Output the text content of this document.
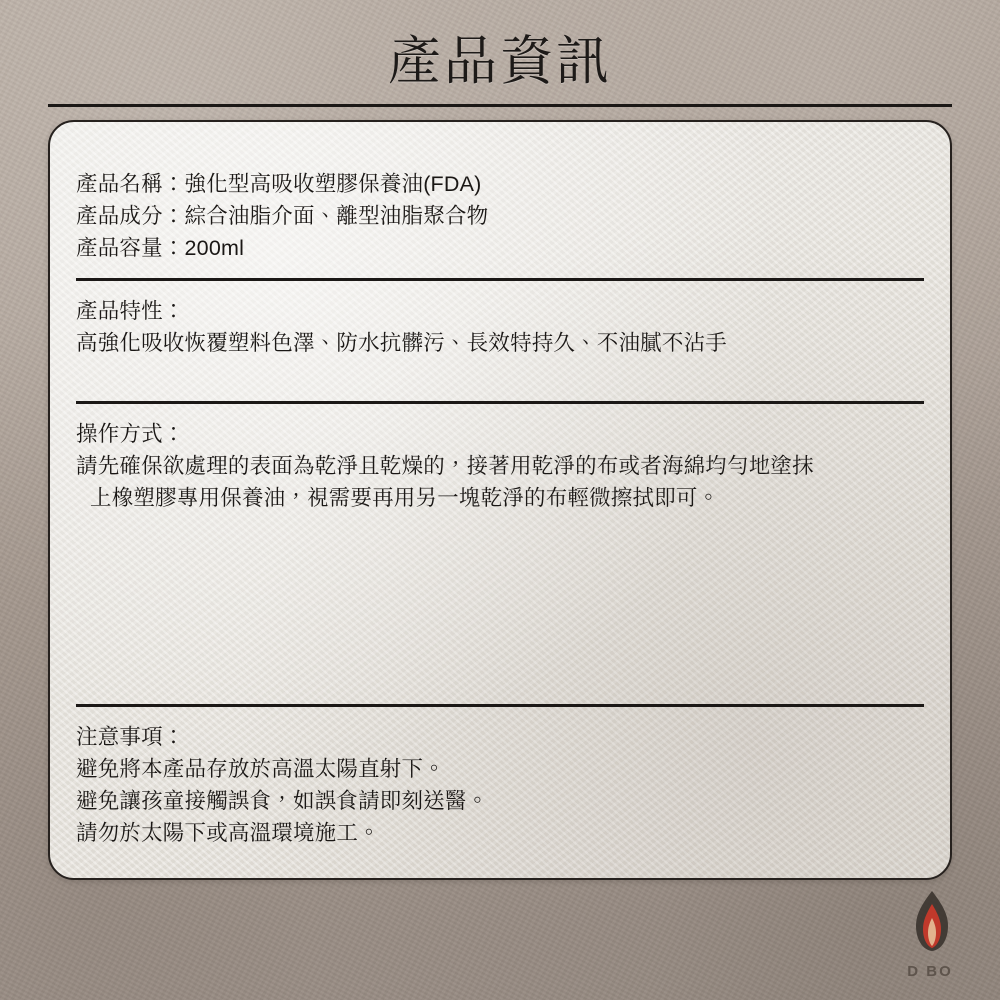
產品資訊
產品名稱：強化型高吸收塑膠保養油(FDA)
產品成分：綜合油脂介面、離型油脂聚合物
產品容量：200ml
產品特性：
高強化吸收恢覆塑料色澤、防水抗髒污、長效特持久、不油膩不沾手
操作方式：
請先確保欲處理的表面為乾淨且乾燥的，接著用乾淨的布或者海綿均勻地塗抹
上橡塑膠專用保養油，視需要再用另一塊乾淨的布輕微擦拭即可。
注意事項：
避免將本產品存放於高溫太陽直射下。
避免讓孩童接觸誤食，如誤食請即刻送醫。
請勿於太陽下或高溫環境施工。
D BO
